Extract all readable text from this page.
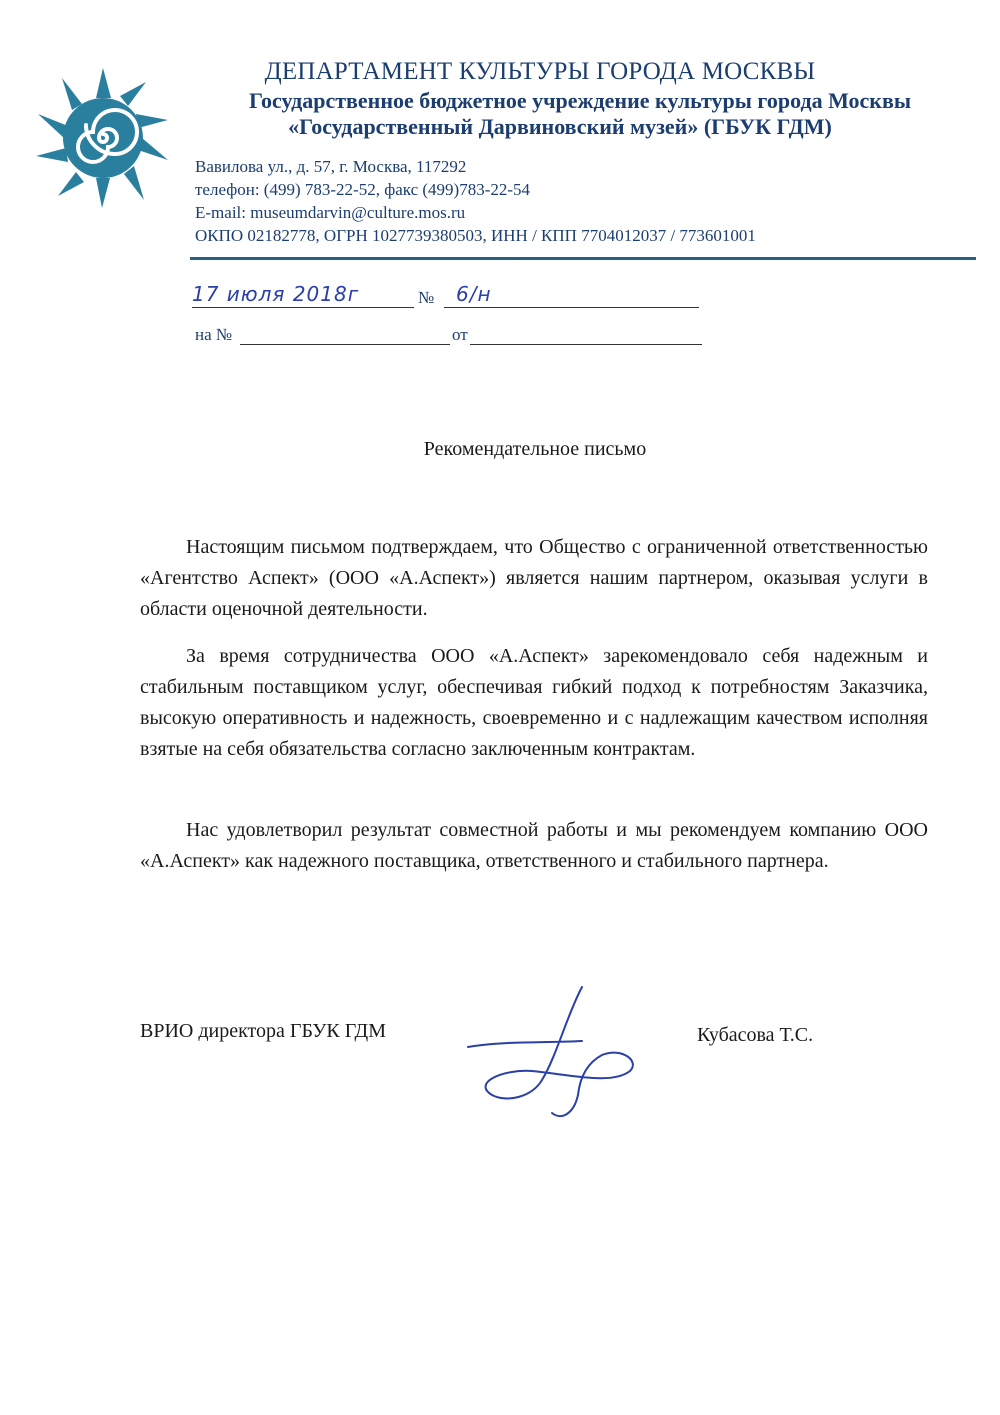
ДЕПАРТАМЕНТ КУЛЬТУРЫ ГОРОДА МОСКВЫ
Государственное бюджетное учреждение культуры города Москвы
«Государственный Дарвиновский музей» (ГБУК ГДМ)
Вавилова ул., д. 57, г. Москва, 117292
телефон: (499) 783-22-52, факс (499)783-22-54
E-mail: museumdarvin@culture.mos.ru
ОКПО 02182778, ОГРН 1027739380503, ИНН / КПП 7704012037 / 773601001
17 июля 2018г	№ 6/н
на №	от
Рекомендательное письмо
Настоящим письмом подтверждаем, что Общество с ограниченной ответственностью «Агентство Аспект» (ООО «А.Аспект») является нашим партнером, оказывая услуги в области оценочной деятельности.
За время сотрудничества ООО «А.Аспект» зарекомендовало себя надежным и стабильным поставщиком услуг, обеспечивая гибкий подход к потребностям Заказчика, высокую оперативность и надежность, своевременно и с надлежащим качеством исполняя взятые на себя обязательства согласно заключенным контрактам.
Нас удовлетворил результат совместной работы и мы рекомендуем компанию ООО «А.Аспект» как надежного поставщика, ответственного и стабильного партнера.
ВРИО директора ГБУК ГДМ	Кубасова Т.С.
